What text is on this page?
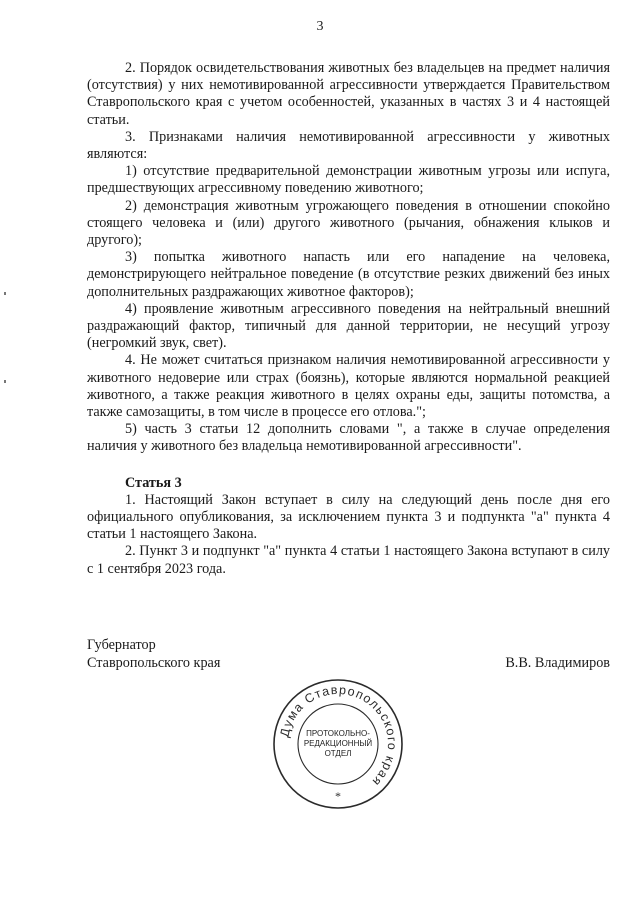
3

2. Порядок освидетельствования животных без владельцев на предмет наличия (отсутствия) у них немотивированной агрессивности утверждается Правительством Ставропольского края с учетом особенностей, указанных в частях 3 и 4 настоящей статьи.

3. Признаками наличия немотивированной агрессивности у животных являются:

1) отсутствие предварительной демонстрации животным угрозы или испуга, предшествующих агрессивному поведению животного;

2) демонстрация животным угрожающего поведения в отношении спокойно стоящего человека и (или) другого животного (рычания, обнажения клыков и другого);

3) попытка животного напасть или его нападение на человека, демонстрирующего нейтральное поведение (в отсутствие резких движений без иных дополнительных раздражающих животное факторов);

4) проявление животным агрессивного поведения на нейтральный внешний раздражающий фактор, типичный для данной территории, не несущий угрозу (негромкий звук, свет).

4. Не может считаться признаком наличия немотивированной агрессивности у животного недоверие или страх (боязнь), которые являются нормальной реакцией животного, а также реакция животного в целях охраны еды, защиты потомства, а также самозащиты, в том числе в процессе его отлова.";

5) часть 3 статьи 12 дополнить словами ", а также в случае определения наличия у животного без владельца немотивированной агрессивности".

Статья 3

1. Настоящий Закон вступает в силу на следующий день после дня его официального опубликования, за исключением пункта 3 и подпункта "а" пункта 4 статьи 1 настоящего Закона.

2. Пункт 3 и подпункт "а" пункта 4 статьи 1 настоящего Закона вступают в силу с 1 сентября 2023 года.

Губернатор

Ставропольского края	В.В. Владимиров
Дума Ставропольского края
*
ПРОТОКОЛЬНО-
РЕДАКЦИОННЫЙ
ОТДЕЛ
